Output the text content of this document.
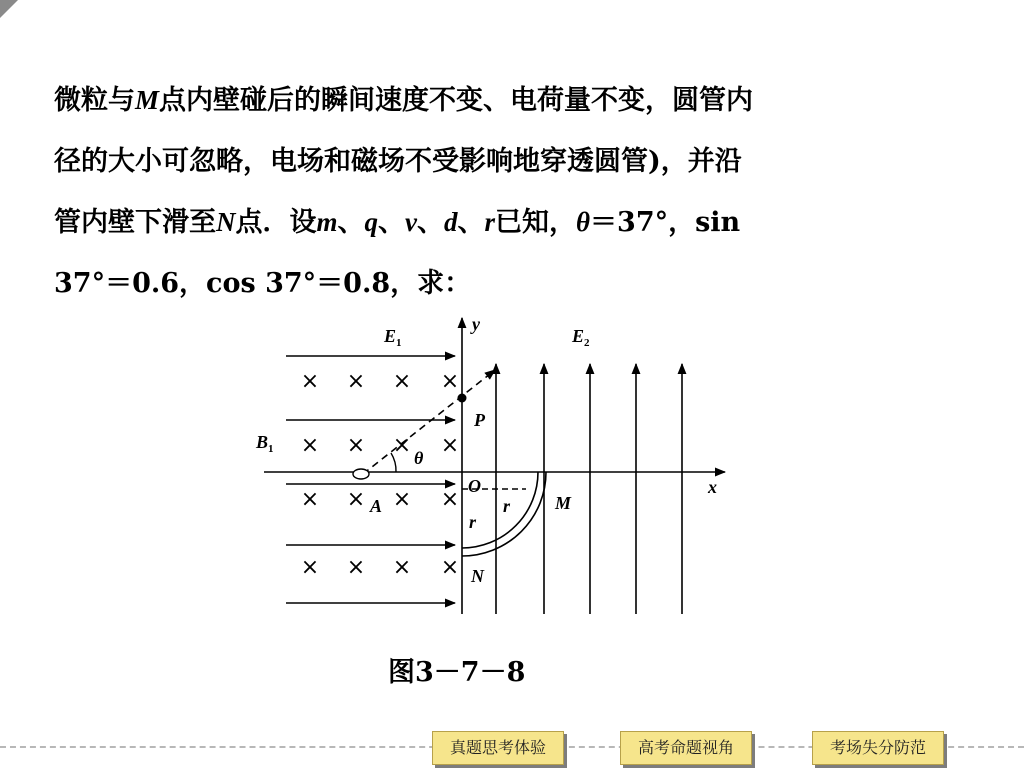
微粒与M点内壁碰后的瞬间速度不变、电荷量不变，圆管内
径的大小可忽略，电场和磁场不受影响地穿透圆管)，并沿
管内壁下滑至N点．设m、q、v、d、r已知，θ＝37°，sin
37°＝0.6，cos 37°＝0.8，求：
× × × ×
× × × ×
× × × ×
× × × ×
$E_1$	$E_2$
y
x
$B_1$
P
θ
O
A
r
r M
N
图3－7－8
真题思考体验	高考命题视角	考场失分防范
